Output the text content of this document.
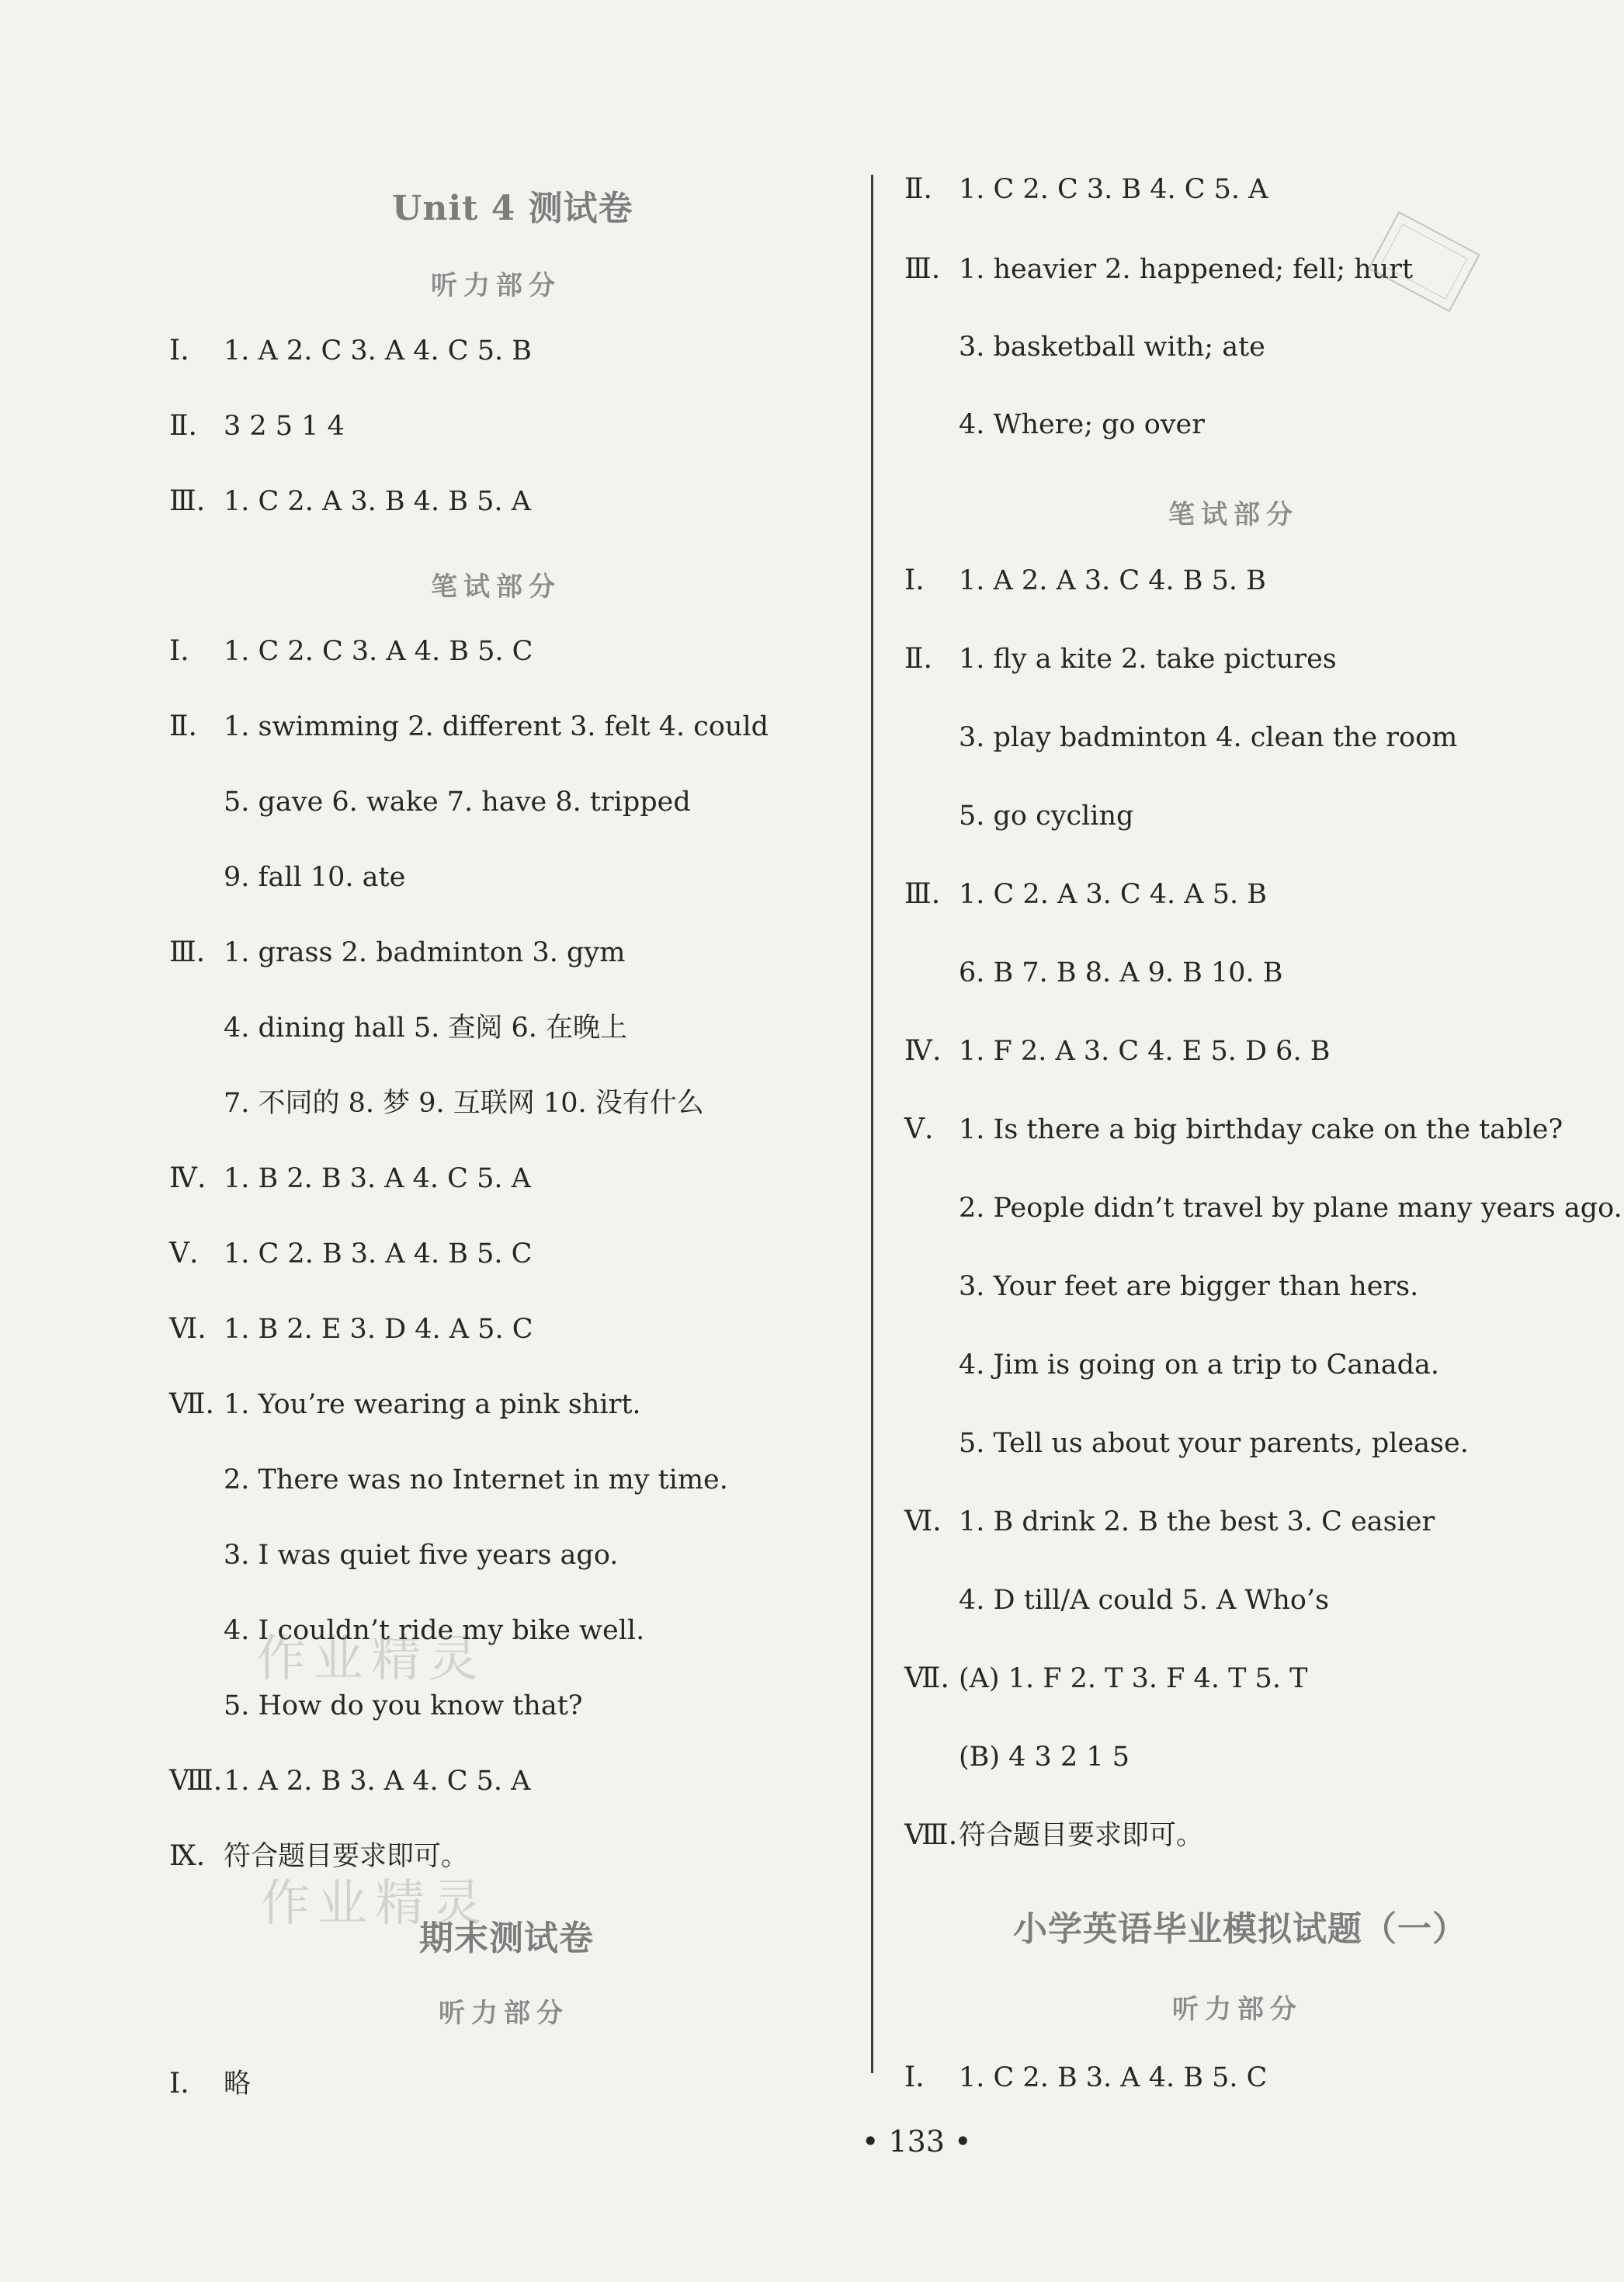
作业精灵
作业精灵
Unit 4 测试卷
听力部分
Ⅰ. 1. A 2. C 3. A 4. C 5. B
Ⅱ. 3 2 5 1 4
Ⅲ. 1. C 2. A 3. B 4. B 5. A
笔试部分
Ⅰ. 1. C 2. C 3. A 4. B 5. C
Ⅱ. 1. swimming 2. different 3. felt 4. could
5. gave 6. wake 7. have 8. tripped
9. fall 10. ate
Ⅲ. 1. grass 2. badminton 3. gym
4. dining hall 5. 查阅 6. 在晚上
7. 不同的 8. 梦 9. 互联网 10. 没有什么
Ⅳ. 1. B 2. B 3. A 4. C 5. A
Ⅴ. 1. C 2. B 3. A 4. B 5. C
Ⅵ. 1. B 2. E 3. D 4. A 5. C
Ⅶ. 1. You’re wearing a pink shirt.
2. There was no Internet in my time.
3. I was quiet five years ago.
4. I couldn’t ride my bike well.
5. How do you know that?
Ⅷ.1. A 2. B 3. A 4. C 5. A
Ⅸ. 符合题目要求即可。
期末测试卷
听力部分
Ⅰ. 略
Ⅱ. 1. C 2. C 3. B 4. C 5. A
Ⅲ. 1. heavier 2. happened; fell; hurt
3. basketball with; ate
4. Where; go over
笔试部分
Ⅰ. 1. A 2. A 3. C 4. B 5. B
Ⅱ. 1. fly a kite 2. take pictures
3. play badminton 4. clean the room
5. go cycling
Ⅲ. 1. C 2. A 3. C 4. A 5. B
6. B 7. B 8. A 9. B 10. B
Ⅳ. 1. F 2. A 3. C 4. E 5. D 6. B
Ⅴ. 1. Is there a big birthday cake on the table?
2. People didn’t travel by plane many years ago.
3. Your feet are bigger than hers.
4. Jim is going on a trip to Canada.
5. Tell us about your parents, please.
Ⅵ. 1. B drink 2. B the best 3. C easier
4. D till/A could 5. A Who’s
Ⅶ. (A) 1. F 2. T 3. F 4. T 5. T
(B) 4 3 2 1 5
Ⅷ.符合题目要求即可。
小学英语毕业模拟试题（一）
听力部分
Ⅰ. 1. C 2. B 3. A 4. B 5. C
• 133 •
